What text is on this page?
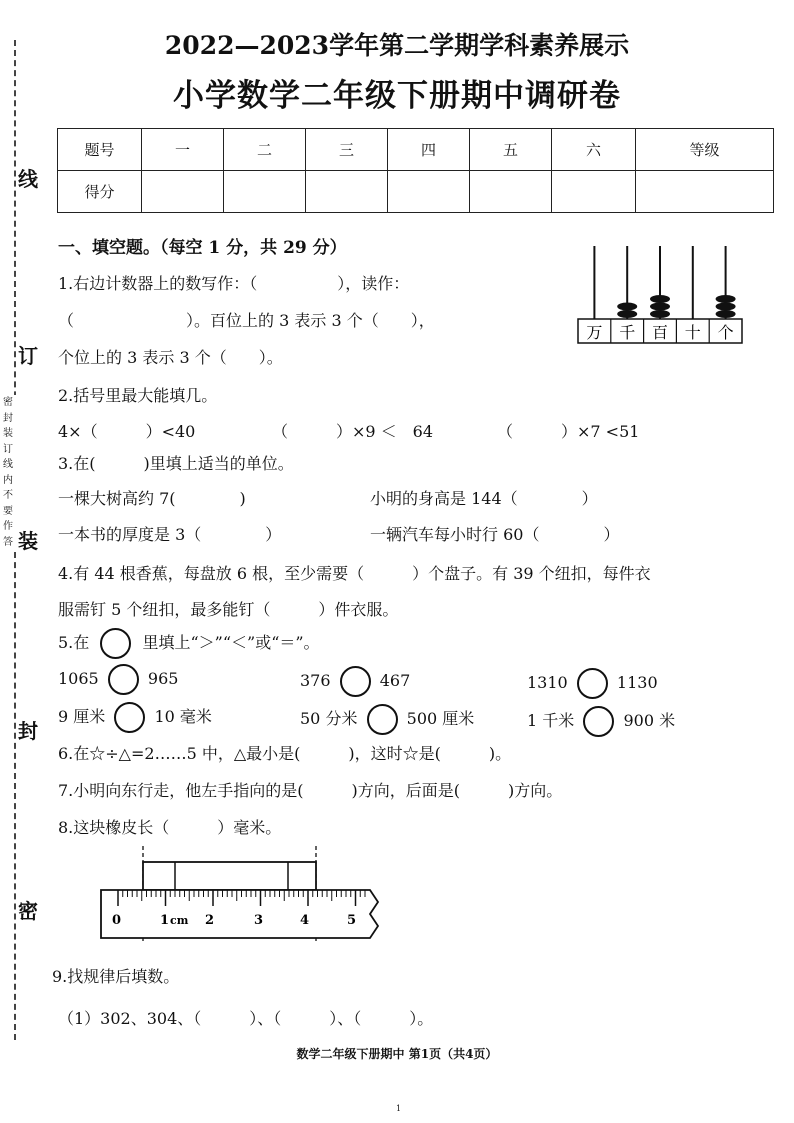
线
订
装
封
密
密 封 装 订 线 内 不 要 作 答
2022—2023学年第二学期学科素养展示
小学数学二年级下册期中调研卷
题号	一	二	三	四	五	六	等级
得分							
一、填空题。（每空 1 分，共 29 分）
万 千 百 十 个
1.右边计数器上的数写作：（　　　　　），读作：
（　　　　　　　）。百位上的 3 表示 3 个（　　），
个位上的 3 表示 3 个（　　）。
2.括号里最大能填几。
4×（　　　）<40	（　　　）×9 ＜　64	（　　　）×7 <51
3.在(　　　)里填上适当的单位。
一棵大树高约 7(　　　　)	小明的身高是 144（　　　　）
一本书的厚度是 3（　　　　）	一辆汽车每小时行 60（　　　　）
4.有 44 根香蕉，每盘放 6 根，至少需要（　　　）个盘子。有 39 个纽扣，每件衣
服需钉 5 个纽扣，最多能钉（　　　）件衣服。
5.在	里填上“＞”“＜”或“＝”。
1065	965	376	467	1310	1130
9 厘米	10 毫米	50 分米	500 厘米	1 千米	900 米
6.在☆÷△=2……5 中，△最小是(　　　)，这时☆是(　　　)。
7.小明向东行走，他左手指向的是(　　　)方向，后面是(　　　)方向。
8.这块橡皮长（　　　）毫米。
0	1 cm 2	3	4	5
9.找规律后填数。
（1）302、304、（　　　）、（　　　）、（　　　）。
数学二年级下册期中 第1页（共4页）
1
